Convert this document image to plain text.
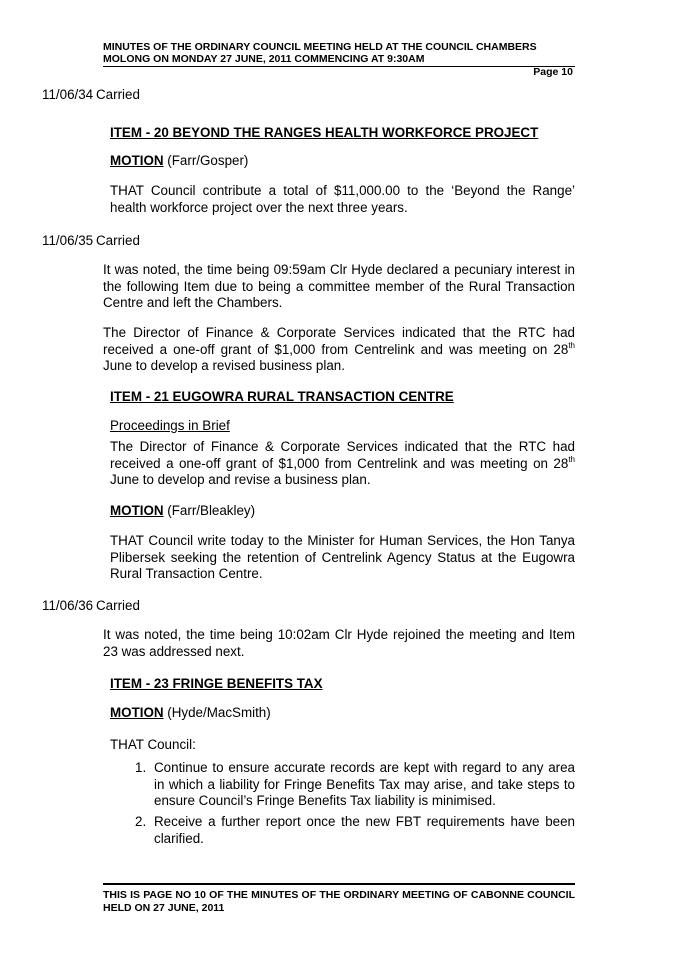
MINUTES OF THE ORDINARY COUNCIL MEETING HELD AT THE COUNCIL CHAMBERS
MOLONG ON MONDAY 27 JUNE, 2011 COMMENCING AT 9:30AM
Page 10
11/06/34 Carried
ITEM - 20 BEYOND THE RANGES HEALTH WORKFORCE PROJECT
MOTION (Farr/Gosper)
THAT Council contribute a total of $11,000.00 to the ‘Beyond the Range’ health workforce project over the next three years.
11/06/35 Carried
It was noted, the time being 09:59am Clr Hyde declared a pecuniary interest in the following Item due to being a committee member of the Rural Transaction Centre and left the Chambers.
The Director of Finance & Corporate Services indicated that the RTC had received a one-off grant of $1,000 from Centrelink and was meeting on 28th June to develop a revised business plan.
ITEM - 21 EUGOWRA RURAL TRANSACTION CENTRE
Proceedings in Brief
The Director of Finance & Corporate Services indicated that the RTC had received a one-off grant of $1,000 from Centrelink and was meeting on 28th June to develop and revise a business plan.
MOTION (Farr/Bleakley)
THAT Council write today to the Minister for Human Services, the Hon Tanya Plibersek seeking the retention of Centrelink Agency Status at the Eugowra Rural Transaction Centre.
11/06/36 Carried
It was noted, the time being 10:02am Clr Hyde rejoined the meeting and Item 23 was addressed next.
ITEM - 23 FRINGE BENEFITS TAX
MOTION (Hyde/MacSmith)
THAT Council:
1. Continue to ensure accurate records are kept with regard to any area in which a liability for Fringe Benefits Tax may arise, and take steps to ensure Council’s Fringe Benefits Tax liability is minimised.
2. Receive a further report once the new FBT requirements have been clarified.
THIS IS PAGE NO 10 OF THE MINUTES OF THE ORDINARY MEETING OF CABONNE COUNCIL HELD ON 27 JUNE, 2011
